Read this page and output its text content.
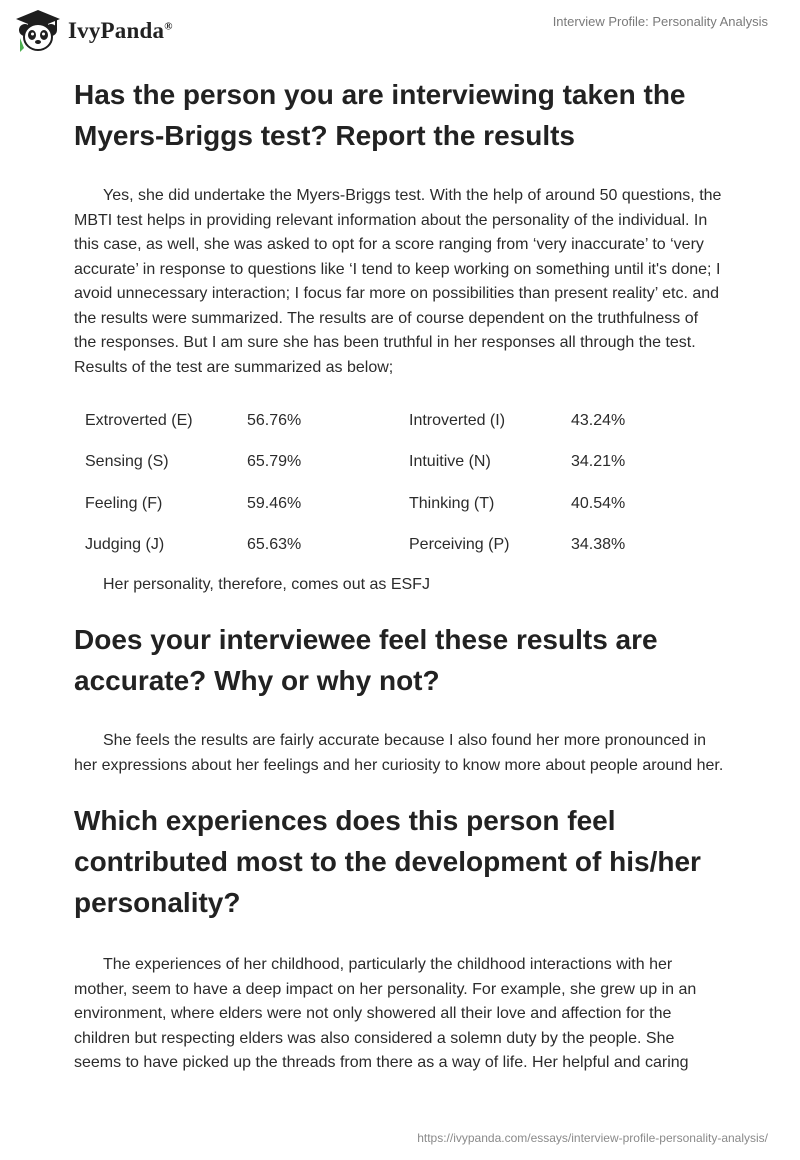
IvyPanda®	Interview Profile: Personality Analysis
Has the person you are interviewing taken the Myers-Briggs test? Report the results

Yes, she did undertake the Myers-Briggs test. With the help of around 50 questions, the MBTI test helps in providing relevant information about the personality of the individual. In this case, as well, she was asked to opt for a score ranging from ‘very inaccurate’ to ‘very accurate’ in response to questions like ‘I tend to keep working on something until it's done; I avoid unnecessary interaction; I focus far more on possibilities than present reality’ etc. and the results were summarized. The results are of course dependent on the truthfulness of the responses. But I am sure she has been truthful in her responses all through the test. Results of the test are summarized as below;

Extroverted (E)	56.76%	Introverted (I)	43.24%
Sensing (S)	65.79%	Intuitive (N)	34.21%
Feeling (F)	59.46%	Thinking (T)	40.54%
Judging (J)	65.63%	Perceiving (P)	34.38%
Her personality, therefore, comes out as ESFJ
Does your interviewee feel these results are accurate? Why or why not?

She feels the results are fairly accurate because I also found her more pronounced in her expressions about her feelings and her curiosity to know more about people around her.

Which experiences does this person feel contributed most to the development of his/her personality?

The experiences of her childhood, particularly the childhood interactions with her mother, seem to have a deep impact on her personality. For example, she grew up in an environment, where elders were not only showered all their love and affection for the children but respecting elders was also considered a solemn duty by the people. She seems to have picked up the threads from there as a way of life. Her helpful and caring

https://ivypanda.com/essays/interview-profile-personality-analysis/
